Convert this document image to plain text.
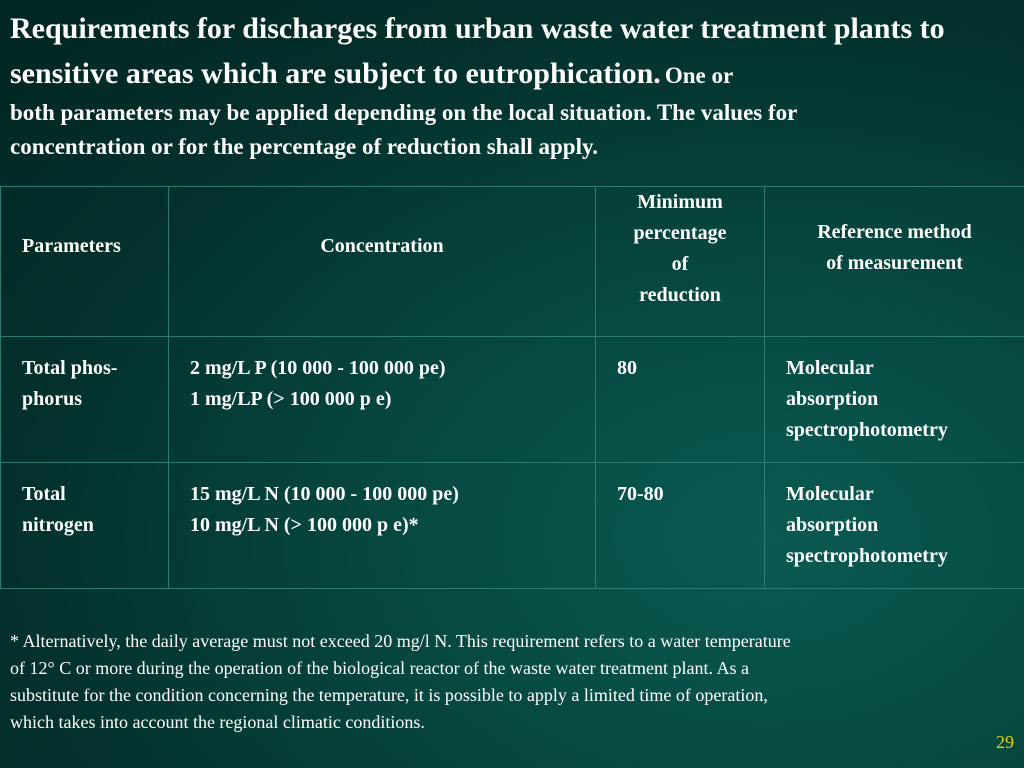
Requirements for discharges from urban waste water treatment plants to sensitive areas which are subject to eutrophication. One or
both parameters may be applied depending on the local situation. The values for
concentration or for the percentage of reduction shall apply.
Parameters	Concentration	Minimum
percentage
of
reduction	Reference method
of measurement

Total phos-
phorus	2 mg/L P (10 000 - 100 000 pe)
1 mg/LP (> 100 000 p e)	80	Molecular
absorption
spectrophotometry

Total
nitrogen	15 mg/L N (10 000 - 100 000 pe)
10 mg/L N (> 100 000 p e)*	70-80	Molecular
absorption
spectrophotometry
* Alternatively, the daily average must not exceed 20 mg/l N. This requirement refers to a water temperature
of 12° C or more during the operation of the biological reactor of the waste water treatment plant. As a
substitute for the condition concerning the temperature, it is possible to apply a limited time of operation,
which takes into account the regional climatic conditions.
29
